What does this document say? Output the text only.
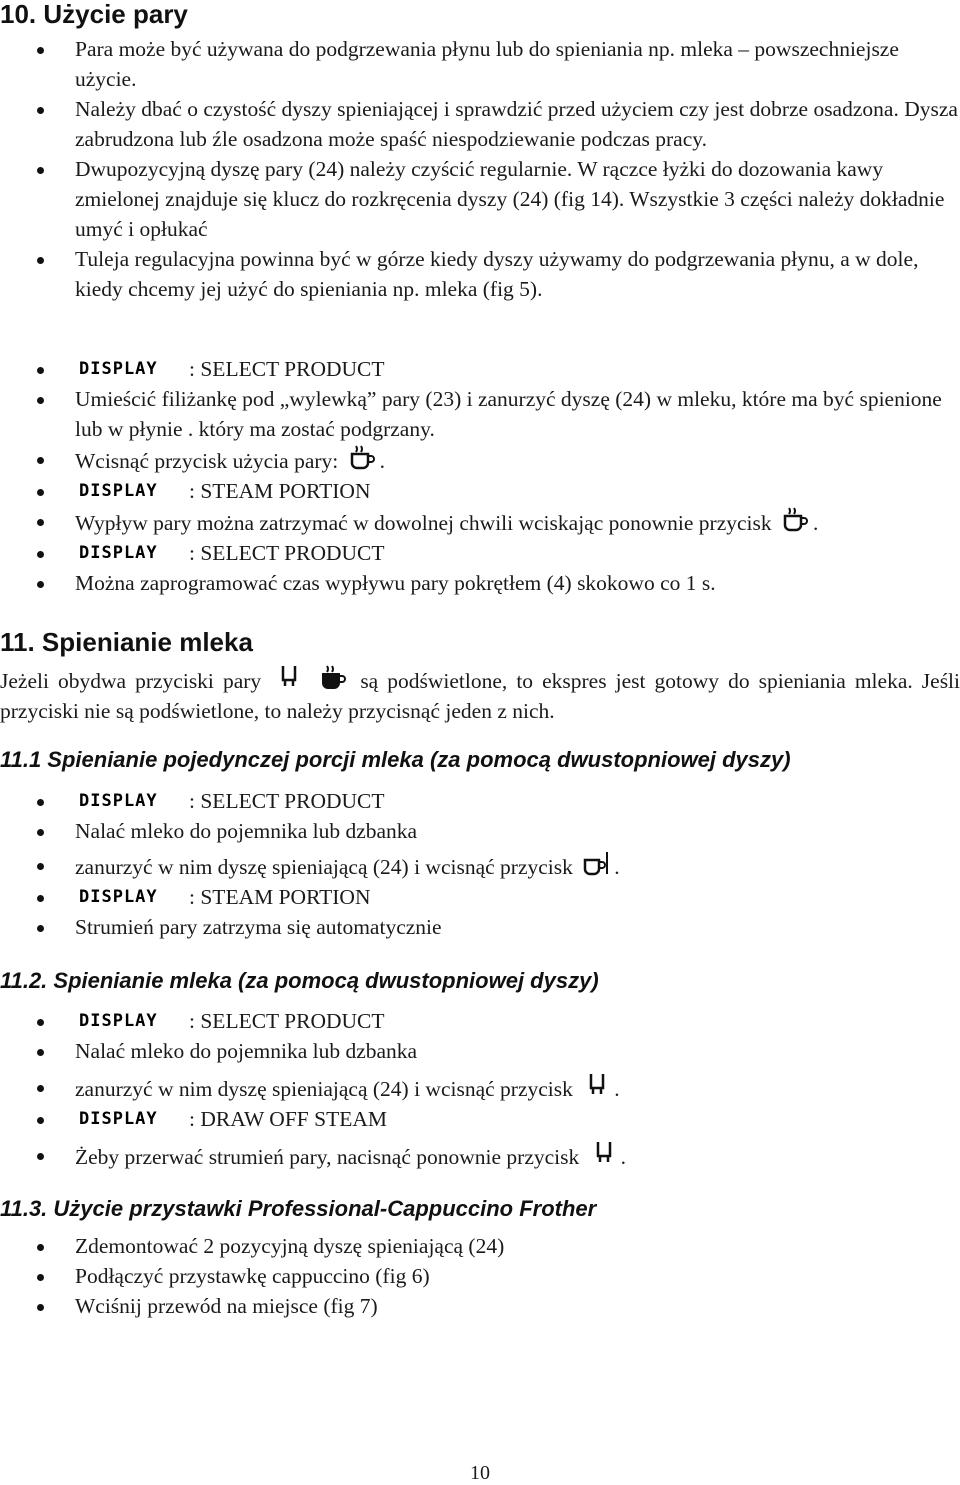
10. Użycie pary
Para może być używana do podgrzewania płynu lub do spieniania np. mleka – powszechniejsze użycie.
Należy dbać o czystość dyszy spieniającej i sprawdzić przed użyciem czy jest dobrze osadzona. Dysza zabrudzona lub źle osadzona może spaść niespodziewanie podczas pracy.
Dwupozycyjną dyszę pary (24) należy czyścić regularnie. W rączce łyżki do dozowania kawy zmielonej znajduje się klucz do rozkręcenia dyszy (24) (fig 14). Wszystkie 3 części należy dokładnie umyć i opłukać
Tuleja regulacyjna powinna być w górze kiedy dyszy używamy do podgrzewania płynu, a w dole, kiedy chcemy jej użyć do spieniania np. mleka (fig 5).
DISPLAY : SELECT PRODUCT
Umieścić filiżankę pod „wylewką” pary (23) i zanurzyć dyszę (24) w mleku, które ma być spienione lub w płynie . który ma zostać podgrzany.
Wcisnąć przycisk użycia pary: .
DISPLAY : STEAM PORTION
Wypływ pary można zatrzymać w dowolnej chwili wciskając ponownie przycisk .
DISPLAY : SELECT PRODUCT
Można zaprogramować czas wypływu pary pokrętłem (4) skokowo co 1 s.
11. Spienianie mleka
Jeżeli obydwa przyciski pary	są podświetlone, to ekspres jest gotowy do spieniania mleka. Jeśli przyciski nie są podświetlone, to należy przycisnąć jeden z nich.
11.1 Spienianie pojedynczej porcji mleka (za pomocą dwustopniowej dyszy)
DISPLAY : SELECT PRODUCT
Nalać mleko do pojemnika lub dzbanka
zanurzyć w nim dyszę spieniającą (24) i wcisnąć przycisk .
DISPLAY : STEAM PORTION
Strumień pary zatrzyma się automatycznie
11.2. Spienianie mleka (za pomocą dwustopniowej dyszy)
DISPLAY : SELECT PRODUCT
Nalać mleko do pojemnika lub dzbanka
zanurzyć w nim dyszę spieniającą (24) i wcisnąć przycisk .
DISPLAY : DRAW OFF STEAM
Żeby przerwać strumień pary, nacisnąć ponownie przycisk .
11.3. Użycie przystawki Professional-Cappuccino Frother
Zdemontować 2 pozycyjną dyszę spieniającą (24)
Podłączyć przystawkę cappuccino (fig 6)
Wciśnij przewód na miejsce (fig 7)
10
